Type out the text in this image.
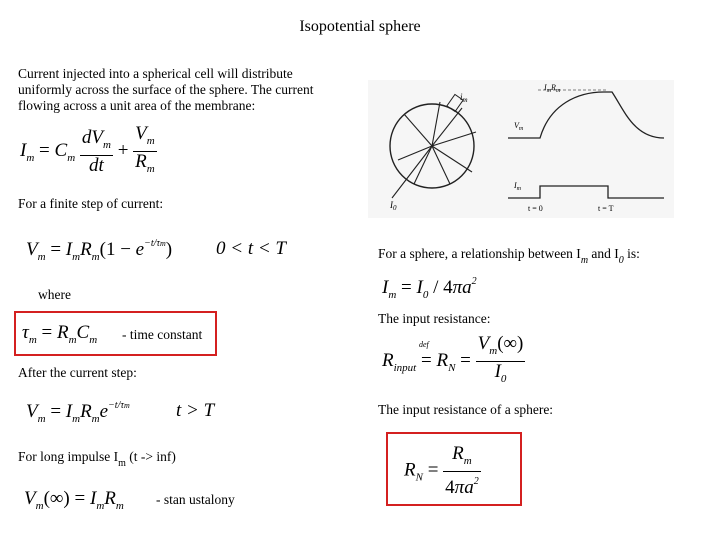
Isopotential sphere
Current injected into a spherical cell will distribute uniformly across the surface of the sphere. The current flowing across a unit area of the membrane:
$I_m = C_m \frac{dV_m}{dt} + \frac{V_m}{R_m}$
For a finite step of current:
$V_m = I_mR_m(1 - e^{-t/\tau m}) 0 < t < T$
where
$\tau_m = R_mC_m$ - time constant
After the current step:
$V_m = I_mR_me^{-t/\tau m}$ t > T
For long impulse $I_m$ (t -> inf)
$V_m(\infty) = I_mR_m - stan$ ustalony
$i_m$
$I_0$
$I_mR_m$
$V_m$
$I_m$
t = 0	t = T
For a sphere, a relationship between $I_m$ and $I_0$ is:
$I_m = I_0 / 4\pi a^2$
The input resistance:
$R_{input}$ =
def
$R_N = \frac{V_m(\infty)}{I_0}$
The input resistance of a sphere:
$R_N = \frac{R_m}{4\pi a^2}$
